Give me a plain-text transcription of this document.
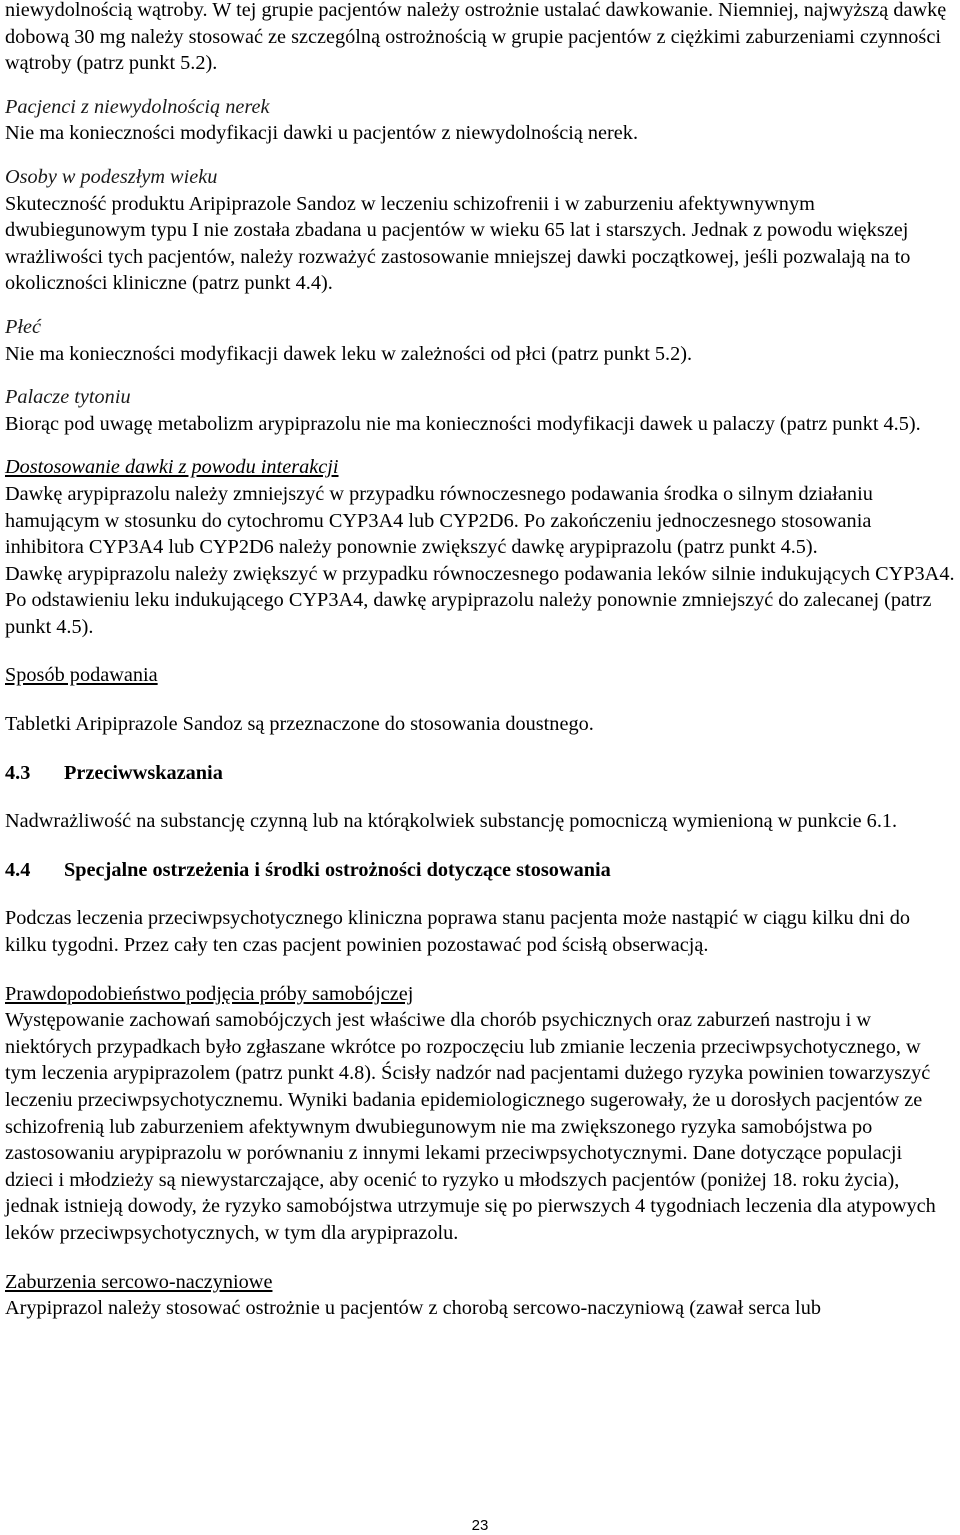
niewydolnością wątroby. W tej grupie pacjentów należy ostrożnie ustalać dawkowanie. Niemniej, najwyższą dawkę dobową 30 mg należy stosować ze szczególną ostrożnością w grupie pacjentów z ciężkimi zaburzeniami czynności wątroby (patrz punkt 5.2).

Pacjenci z niewydolnością nerek

Nie ma konieczności modyfikacji dawki u pacjentów z niewydolnością nerek.

Osoby w podeszłym wieku

Skuteczność produktu Aripiprazole Sandoz w leczeniu schizofrenii i w zaburzeniu afektywnywnym dwubiegunowym typu I nie została zbadana u pacjentów w wieku 65 lat i starszych. Jednak z powodu większej wrażliwości tych pacjentów, należy rozważyć zastosowanie mniejszej dawki początkowej, jeśli pozwalają na to okoliczności kliniczne (patrz punkt 4.4).

Płeć

Nie ma konieczności modyfikacji dawek leku w zależności od płci (patrz punkt 5.2).

Palacze tytoniu

Biorąc pod uwagę metabolizm arypiprazolu nie ma konieczności modyfikacji dawek u palaczy (patrz punkt 4.5).

Dostosowanie dawki z powodu interakcji

Dawkę arypiprazolu należy zmniejszyć w przypadku równoczesnego podawania środka o silnym działaniu hamującym w stosunku do cytochromu CYP3A4 lub CYP2D6. Po zakończeniu jednoczesnego stosowania inhibitora CYP3A4 lub CYP2D6 należy ponownie zwiększyć dawkę arypiprazolu (patrz punkt 4.5).

Dawkę arypiprazolu należy zwiększyć w przypadku równoczesnego podawania leków silnie indukujących CYP3A4. Po odstawieniu leku indukującego CYP3A4, dawkę arypiprazolu należy ponownie zmniejszyć do zalecanej (patrz punkt 4.5).

Sposób podawania

Tabletki Aripiprazole Sandoz są przeznaczone do stosowania doustnego.

4.3	Przeciwwskazania

Nadwrażliwość na substancję czynną lub na którąkolwiek substancję pomocniczą wymienioną w punkcie 6.1.

4.4	Specjalne ostrzeżenia i środki ostrożności dotyczące stosowania

Podczas leczenia przeciwpsychotycznego kliniczna poprawa stanu pacjenta może nastąpić w ciągu kilku dni do kilku tygodni. Przez cały ten czas pacjent powinien pozostawać pod ścisłą obserwacją.

Prawdopodobieństwo podjęcia próby samobójczej

Występowanie zachowań samobójczych jest właściwe dla chorób psychicznych oraz zaburzeń nastroju i w niektórych przypadkach było zgłaszane wkrótce po rozpoczęciu lub zmianie leczenia przeciwpsychotycznego, w tym leczenia arypiprazolem (patrz punkt 4.8). Ścisły nadzór nad pacjentami dużego ryzyka powinien towarzyszyć leczeniu przeciwpsychotycznemu. Wyniki badania epidemiologicznego sugerowały, że u dorosłych pacjentów ze schizofrenią lub zaburzeniem afektywnym dwubiegunowym nie ma zwiększonego ryzyka samobójstwa po zastosowaniu arypiprazolu w porównaniu z innymi lekami przeciwpsychotycznymi. Dane dotyczące populacji dzieci i młodzieży są niewystarczające, aby ocenić to ryzyko u młodszych pacjentów (poniżej 18. roku życia), jednak istnieją dowody, że ryzyko samobójstwa utrzymuje się po pierwszych 4 tygodniach leczenia dla atypowych leków przeciwpsychotycznych, w tym dla arypiprazolu.

Zaburzenia sercowo-naczyniowe

Arypiprazol należy stosować ostrożnie u pacjentów z chorobą sercowo-naczyniową (zawał serca lub

23
